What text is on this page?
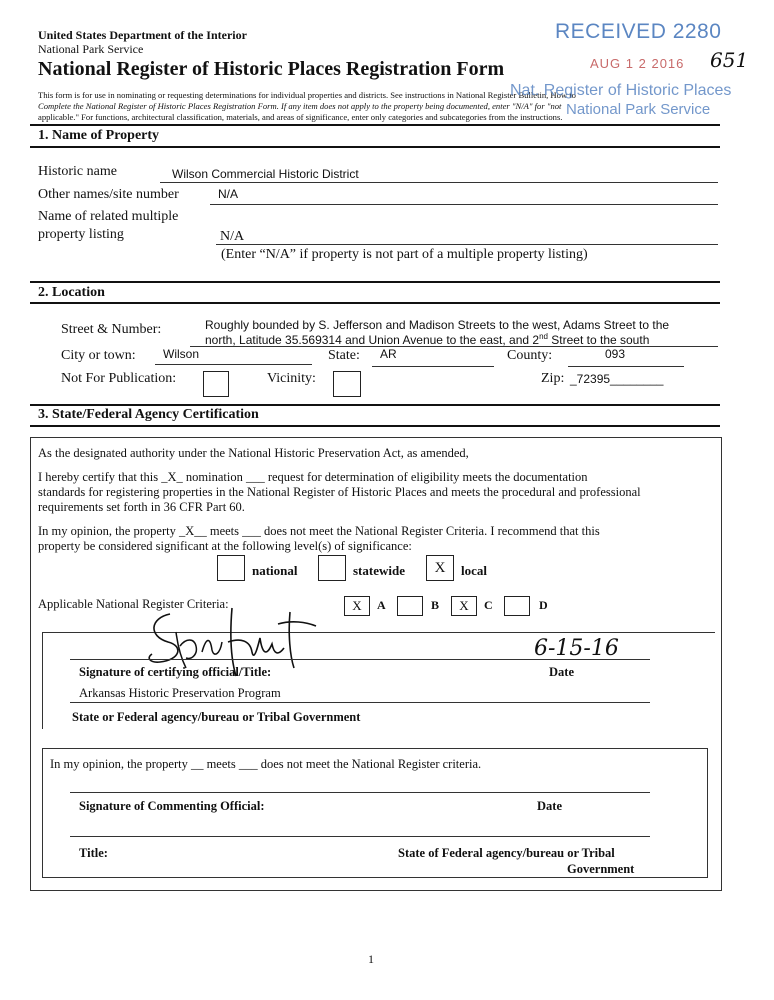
United States Department of the Interior
National Park Service
National Register of Historic Places Registration Form
This form is for use in nominating or requesting determinations for individual properties and districts. See instructions in National Register Bulletin, How to
Complete the National Register of Historic Places Registration Form. If any item does not apply to the property being documented, enter "N/A" for "not
applicable." For functions, architectural classification, materials, and areas of significance, enter only categories and subcategories from the instructions.
RECEIVED 2280
AUG 1 2 2016 651
Nat. Register of Historic Places
National Park Service
1. Name of Property
Historic name	Wilson Commercial Historic District
Other names/site number	N/A
Name of related multiple
property listing	N/A
(Enter “N/A” if property is not part of a multiple property listing)
2. Location
Street & Number:	Roughly bounded by S. Jefferson and Madison Streets to the west, Adams Street to the
north, Latitude 35.569314 and Union Avenue to the east, and 2nd Street to the south
City or town: Wilson	State: AR	County:	093
Not For Publication:	Vicinity:	Zip: _72395________
3. State/Federal Agency Certification
As the designated authority under the National Historic Preservation Act, as amended,
I hereby certify that this _X_ nomination ___ request for determination of eligibility meets the documentation
standards for registering properties in the National Register of Historic Places and meets the procedural and professional
requirements set forth in 36 CFR Part 60.
In my opinion, the property _X__ meets ___ does not meet the National Register Criteria. I recommend that this
property be considered significant at the following level(s) of significance:
national	statewide	X	local
Applicable National Register Criteria:	X	A	B	X	C	D
6-15-16
Signature of certifying official/Title:	Date
Arkansas Historic Preservation Program
State or Federal agency/bureau or Tribal Government
In my opinion, the property __ meets ___ does not meet the National Register criteria.
Signature of Commenting Official:	Date
Title:	State of Federal agency/bureau or Tribal
Government
1
